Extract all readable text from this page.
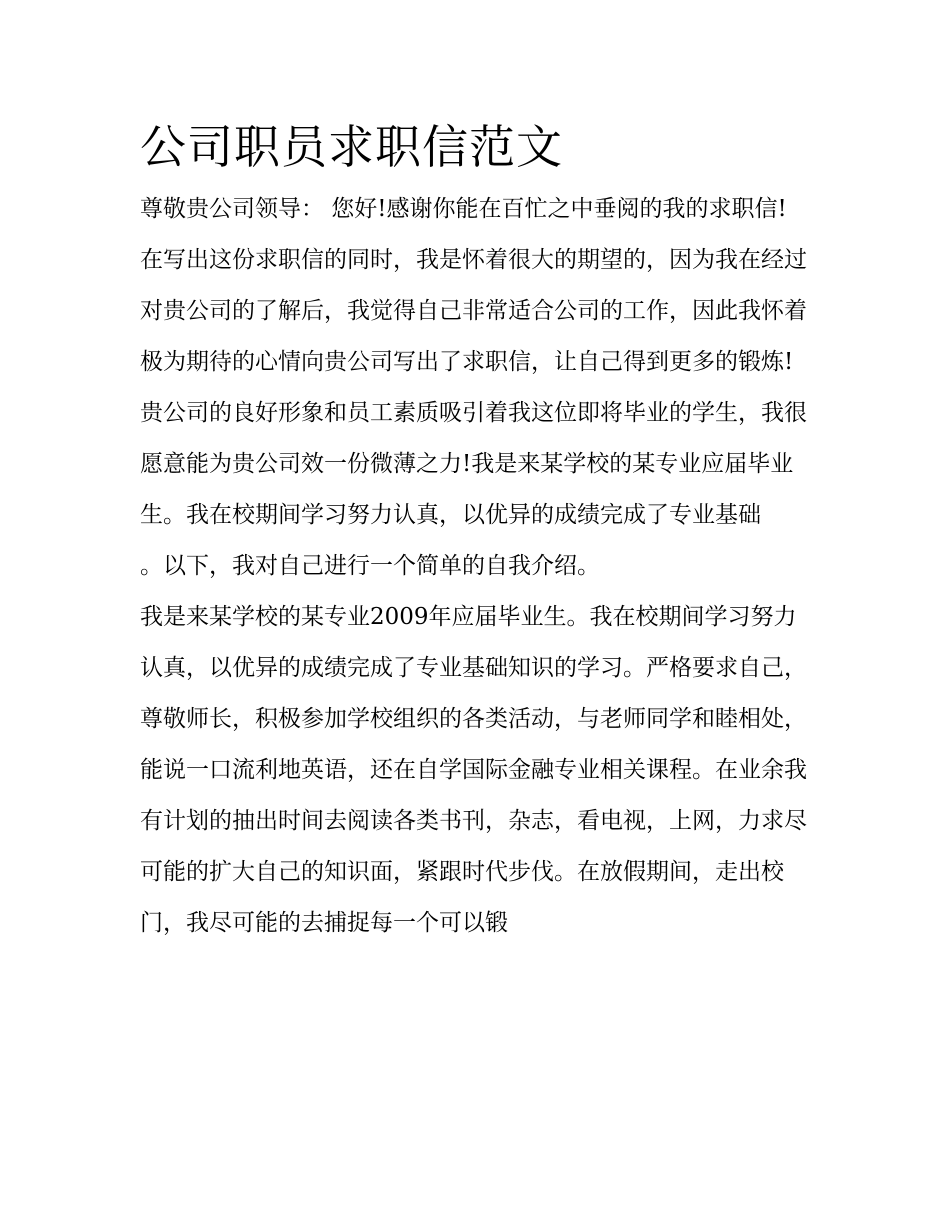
公司职员求职信范文

尊敬贵公司领导： 您好!感谢你能在百忙之中垂阅的我的求职信!

在写出这份求职信的同时，我是怀着很大的期望的，因为我在经过对贵公司的了解后，我觉得自己非常适合公司的工作，因此我怀着极为期待的心情向贵公司写出了求职信，让自己得到更多的锻炼!

贵公司的良好形象和员工素质吸引着我这位即将毕业的学生，我很愿意能为贵公司效一份微薄之力!我是来某学校的某专业应届毕业生。我在校期间学习努力认真，以优异的成绩完成了专业基础

。以下，我对自己进行一个简单的自我介绍。

我是来某学校的某专业2009年应届毕业生。我在校期间学习努力认真，以优异的成绩完成了专业基础知识的学习。严格要求自己，尊敬师长，积极参加学校组织的各类活动，与老师同学和睦相处，能说一口流利地英语，还在自学国际金融专业相关课程。在业余我有计划的抽出时间去阅读各类书刊，杂志，看电视，上网，力求尽可能的扩大自己的知识面，紧跟时代步伐。在放假期间，走出校门，我尽可能的去捕捉每一个可以锻
